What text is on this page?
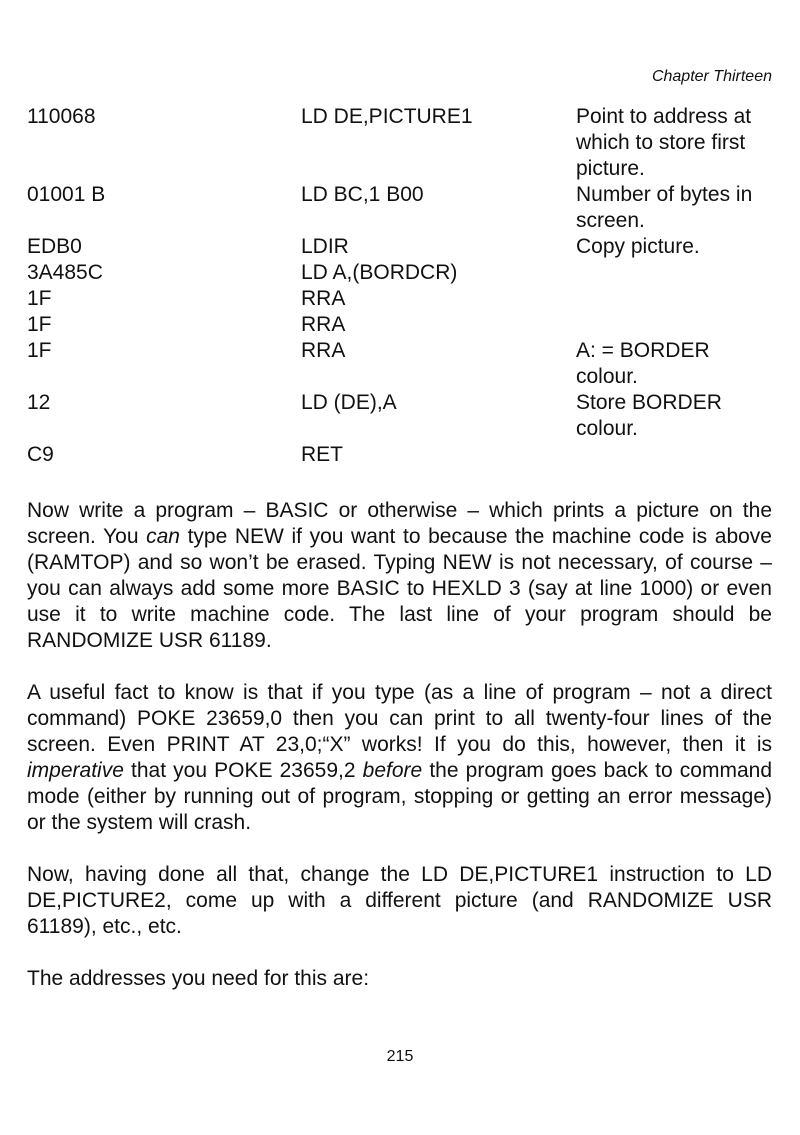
Chapter Thirteen
110068	LD DE,PICTURE1	Point to address at which to store first picture.
01001 B	LD BC,1 B00	Number of bytes in screen.
EDB0	LDIR	Copy picture.
3A485C	LD A,(BORDCR)
1F	RRA
1F	RRA
1F	RRA	A: = BORDER colour.
12	LD (DE),A	Store BORDER colour.
C9	RET

Now write a program – BASIC or otherwise – which prints a picture on the screen. You can type NEW if you want to because the machine code is above (RAMTOP) and so won’t be erased. Typing NEW is not necessary, of course – you can always add some more BASIC to HEXLD 3 (say at line 1000) or even use it to write machine code. The last line of your program should be RANDOMIZE USR 61189.

A useful fact to know is that if you type (as a line of program – not a direct command) POKE 23659,0 then you can print to all twenty-four lines of the screen. Even PRINT AT 23,0;“X” works! If you do this, however, then it is imperative that you POKE 23659,2 before the program goes back to command mode (either by running out of program, stopping or getting an error message) or the system will crash.

Now, having done all that, change the LD DE,PICTURE1 instruction to LD DE,PICTURE2, come up with a different picture (and RANDOMIZE USR 61189), etc., etc.

The addresses you need for this are:

215
